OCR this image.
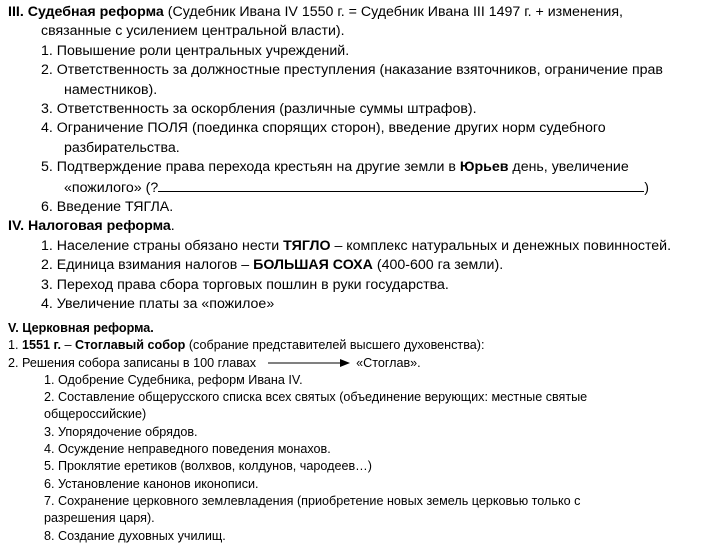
III. Судебная реформа (Судебник Ивана IV 1550 г. = Судебник Ивана III 1497 г. + изменения,
связанные с усилением центральной власти).
1. Повышение роли центральных учреждений.
2. Ответственность за должностные преступления (наказание взяточников, ограничение прав
наместников).
3. Ответственность за оскорбления (различные суммы штрафов).
4. Ограничение ПОЛЯ (поединка спорящих сторон), введение других норм судебного
разбирательства.
5. Подтверждение права перехода крестьян на другие земли в Юрьев день, увеличение
«пожилого» (?	)
6. Введение ТЯГЛА.
IV. Налоговая реформа.
1. Население страны обязано нести ТЯГЛО – комплекс натуральных и денежных повинностей.
2. Единица взимания налогов – БОЛЬШАЯ СОХА (400-600 га земли).
3. Переход права сбора торговых пошлин в руки государства.
4. Увеличение платы за «пожилое»
V. Церковная реформа.
1. 1551 г. – Стоглавый собор (собрание представителей высшего духовенства):
2. Решения собора записаны в 100 главах	«Стоглав».
1. Одобрение Судебника, реформ Ивана IV.
2. Составление общерусского списка всех святых (объединение верующих: местные святые
общероссийские)
3. Упорядочение обрядов.
4. Осуждение неправедного поведения монахов.
5. Проклятие еретиков (волхвов, колдунов, чародеев…)
6. Установление канонов иконописи.
7. Сохранение церковного землевладения (приобретение новых земель церковью только с
разрешения царя).
8. Создание духовных училищ.
